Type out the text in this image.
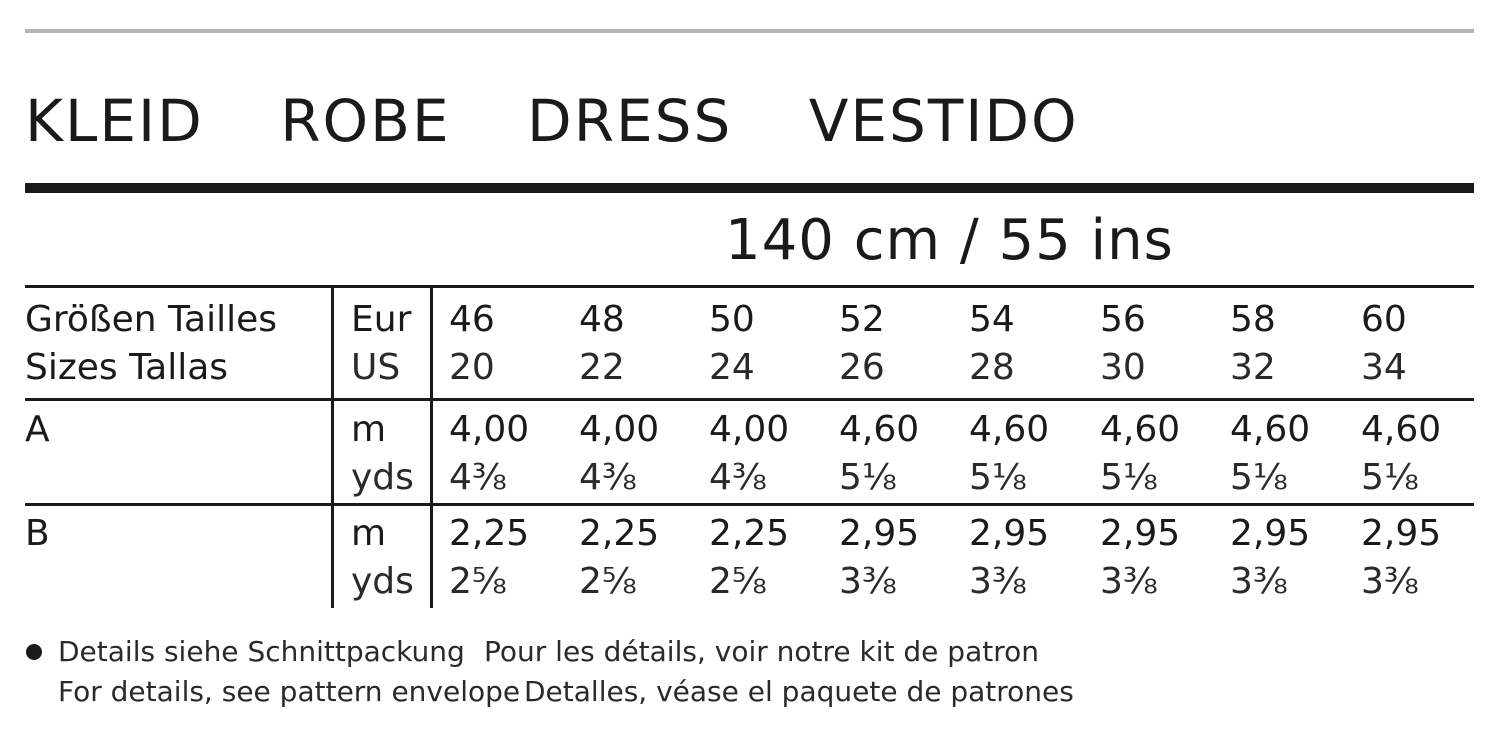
KLEID ROBE DRESS VESTIDO
140 cm / 55 ins
Größen Tailles
Sizes Tallas
Eur
US
A	m
yds
B	m
yds
46
20
4,00
4⅜
2,25
2⅝
48
22
4,00
4⅜
2,25
2⅝
50
24
4,00
4⅜
2,25
2⅝
52
26
4,60
5⅛
2,95
3⅜
54
28
4,60
5⅛
2,95
3⅜
56
30
4,60
5⅛
2,95
3⅜
58
32
4,60
5⅛
2,95
3⅜
60
34
4,60
5⅛
2,95
3⅜
Details siehe Schnittpackung Pour les détails, voir notre kit de patron
For details, see pattern envelope Detalles, véase el paquete de patrones
